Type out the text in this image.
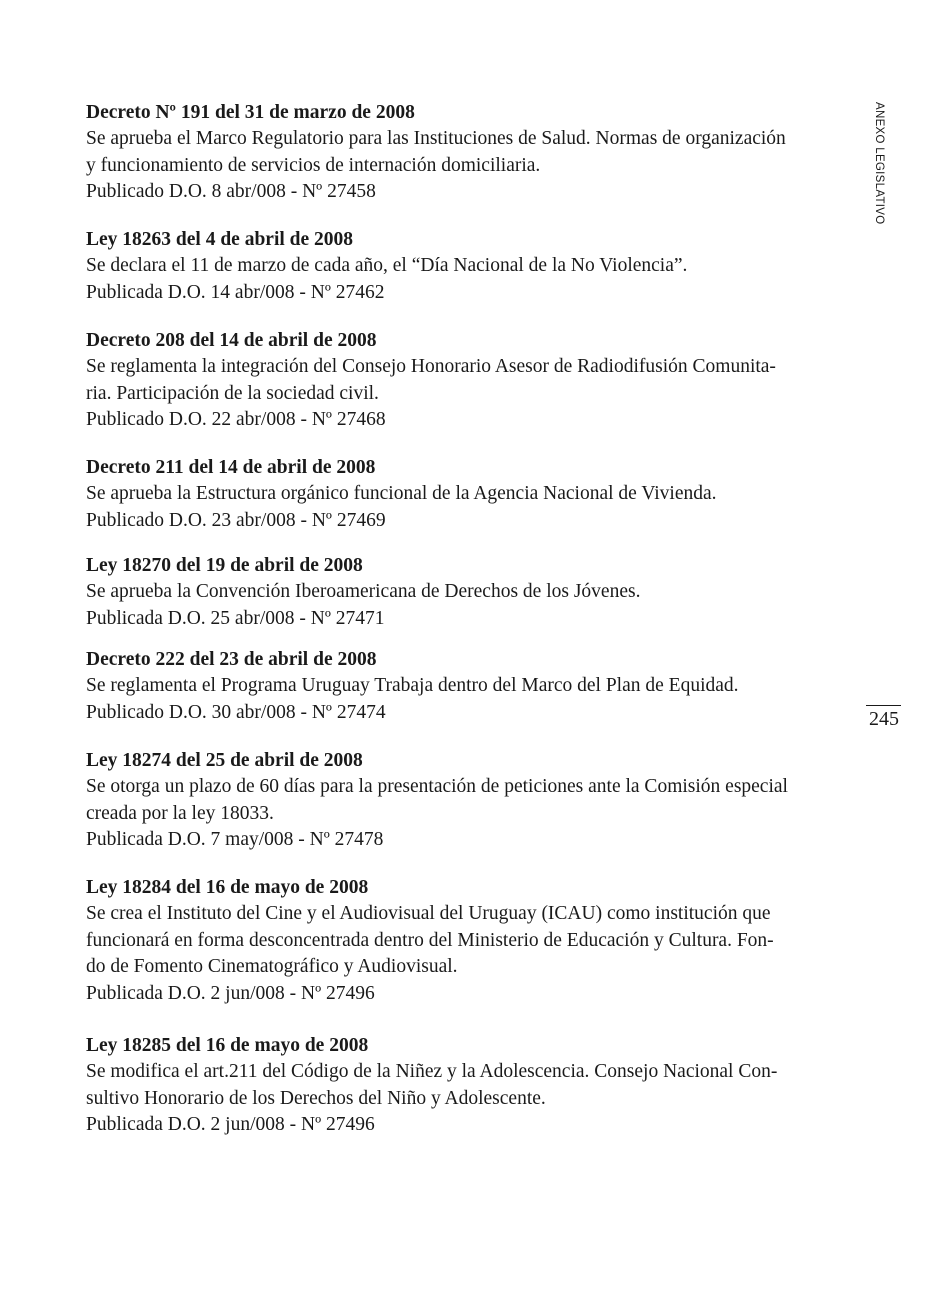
ANEXO LEGISLATIVO
245

Decreto Nº 191 del 31 de marzo de 2008

Se aprueba el Marco Regulatorio para las Instituciones de Salud. Normas de organización

y funcionamiento de servicios de internación domiciliaria.

Publicado D.O. 8 abr/008 - Nº 27458

Ley 18263 del 4 de abril de 2008

Se declara el 11 de marzo de cada año, el “Día Nacional de la No Violencia”.

Publicada D.O. 14 abr/008 - Nº 27462

Decreto 208 del 14 de abril de 2008

Se reglamenta la integración del Consejo Honorario Asesor de Radiodifusión Comunita-

ria. Participación de la sociedad civil.

Publicado D.O. 22 abr/008 - Nº 27468

Decreto 211 del 14 de abril de 2008

Se aprueba la Estructura orgánico funcional de la Agencia Nacional de Vivienda.

Publicado D.O. 23 abr/008 - Nº 27469

Ley 18270 del 19 de abril de 2008

Se aprueba la Convención Iberoamericana de Derechos de los Jóvenes.

Publicada D.O. 25 abr/008 - Nº 27471

Decreto 222 del 23 de abril de 2008

Se reglamenta el Programa Uruguay Trabaja dentro del Marco del Plan de Equidad.

Publicado D.O. 30 abr/008 - Nº 27474

Ley 18274 del 25 de abril de 2008

Se otorga un plazo de 60 días para la presentación de peticiones ante la Comisión especial

creada por la ley 18033.

Publicada D.O. 7 may/008 - Nº 27478

Ley 18284 del 16 de mayo de 2008

Se crea el Instituto del Cine y el Audiovisual del Uruguay (ICAU) como institución que

funcionará en forma desconcentrada dentro del Ministerio de Educación y Cultura. Fon-

do de Fomento Cinematográfico y Audiovisual.

Publicada D.O. 2 jun/008 - Nº 27496

Ley 18285 del 16 de mayo de 2008

Se modifica el art.211 del Código de la Niñez y la Adolescencia. Consejo Nacional Con-

sultivo Honorario de los Derechos del Niño y Adolescente.

Publicada D.O. 2 jun/008 - Nº 27496
